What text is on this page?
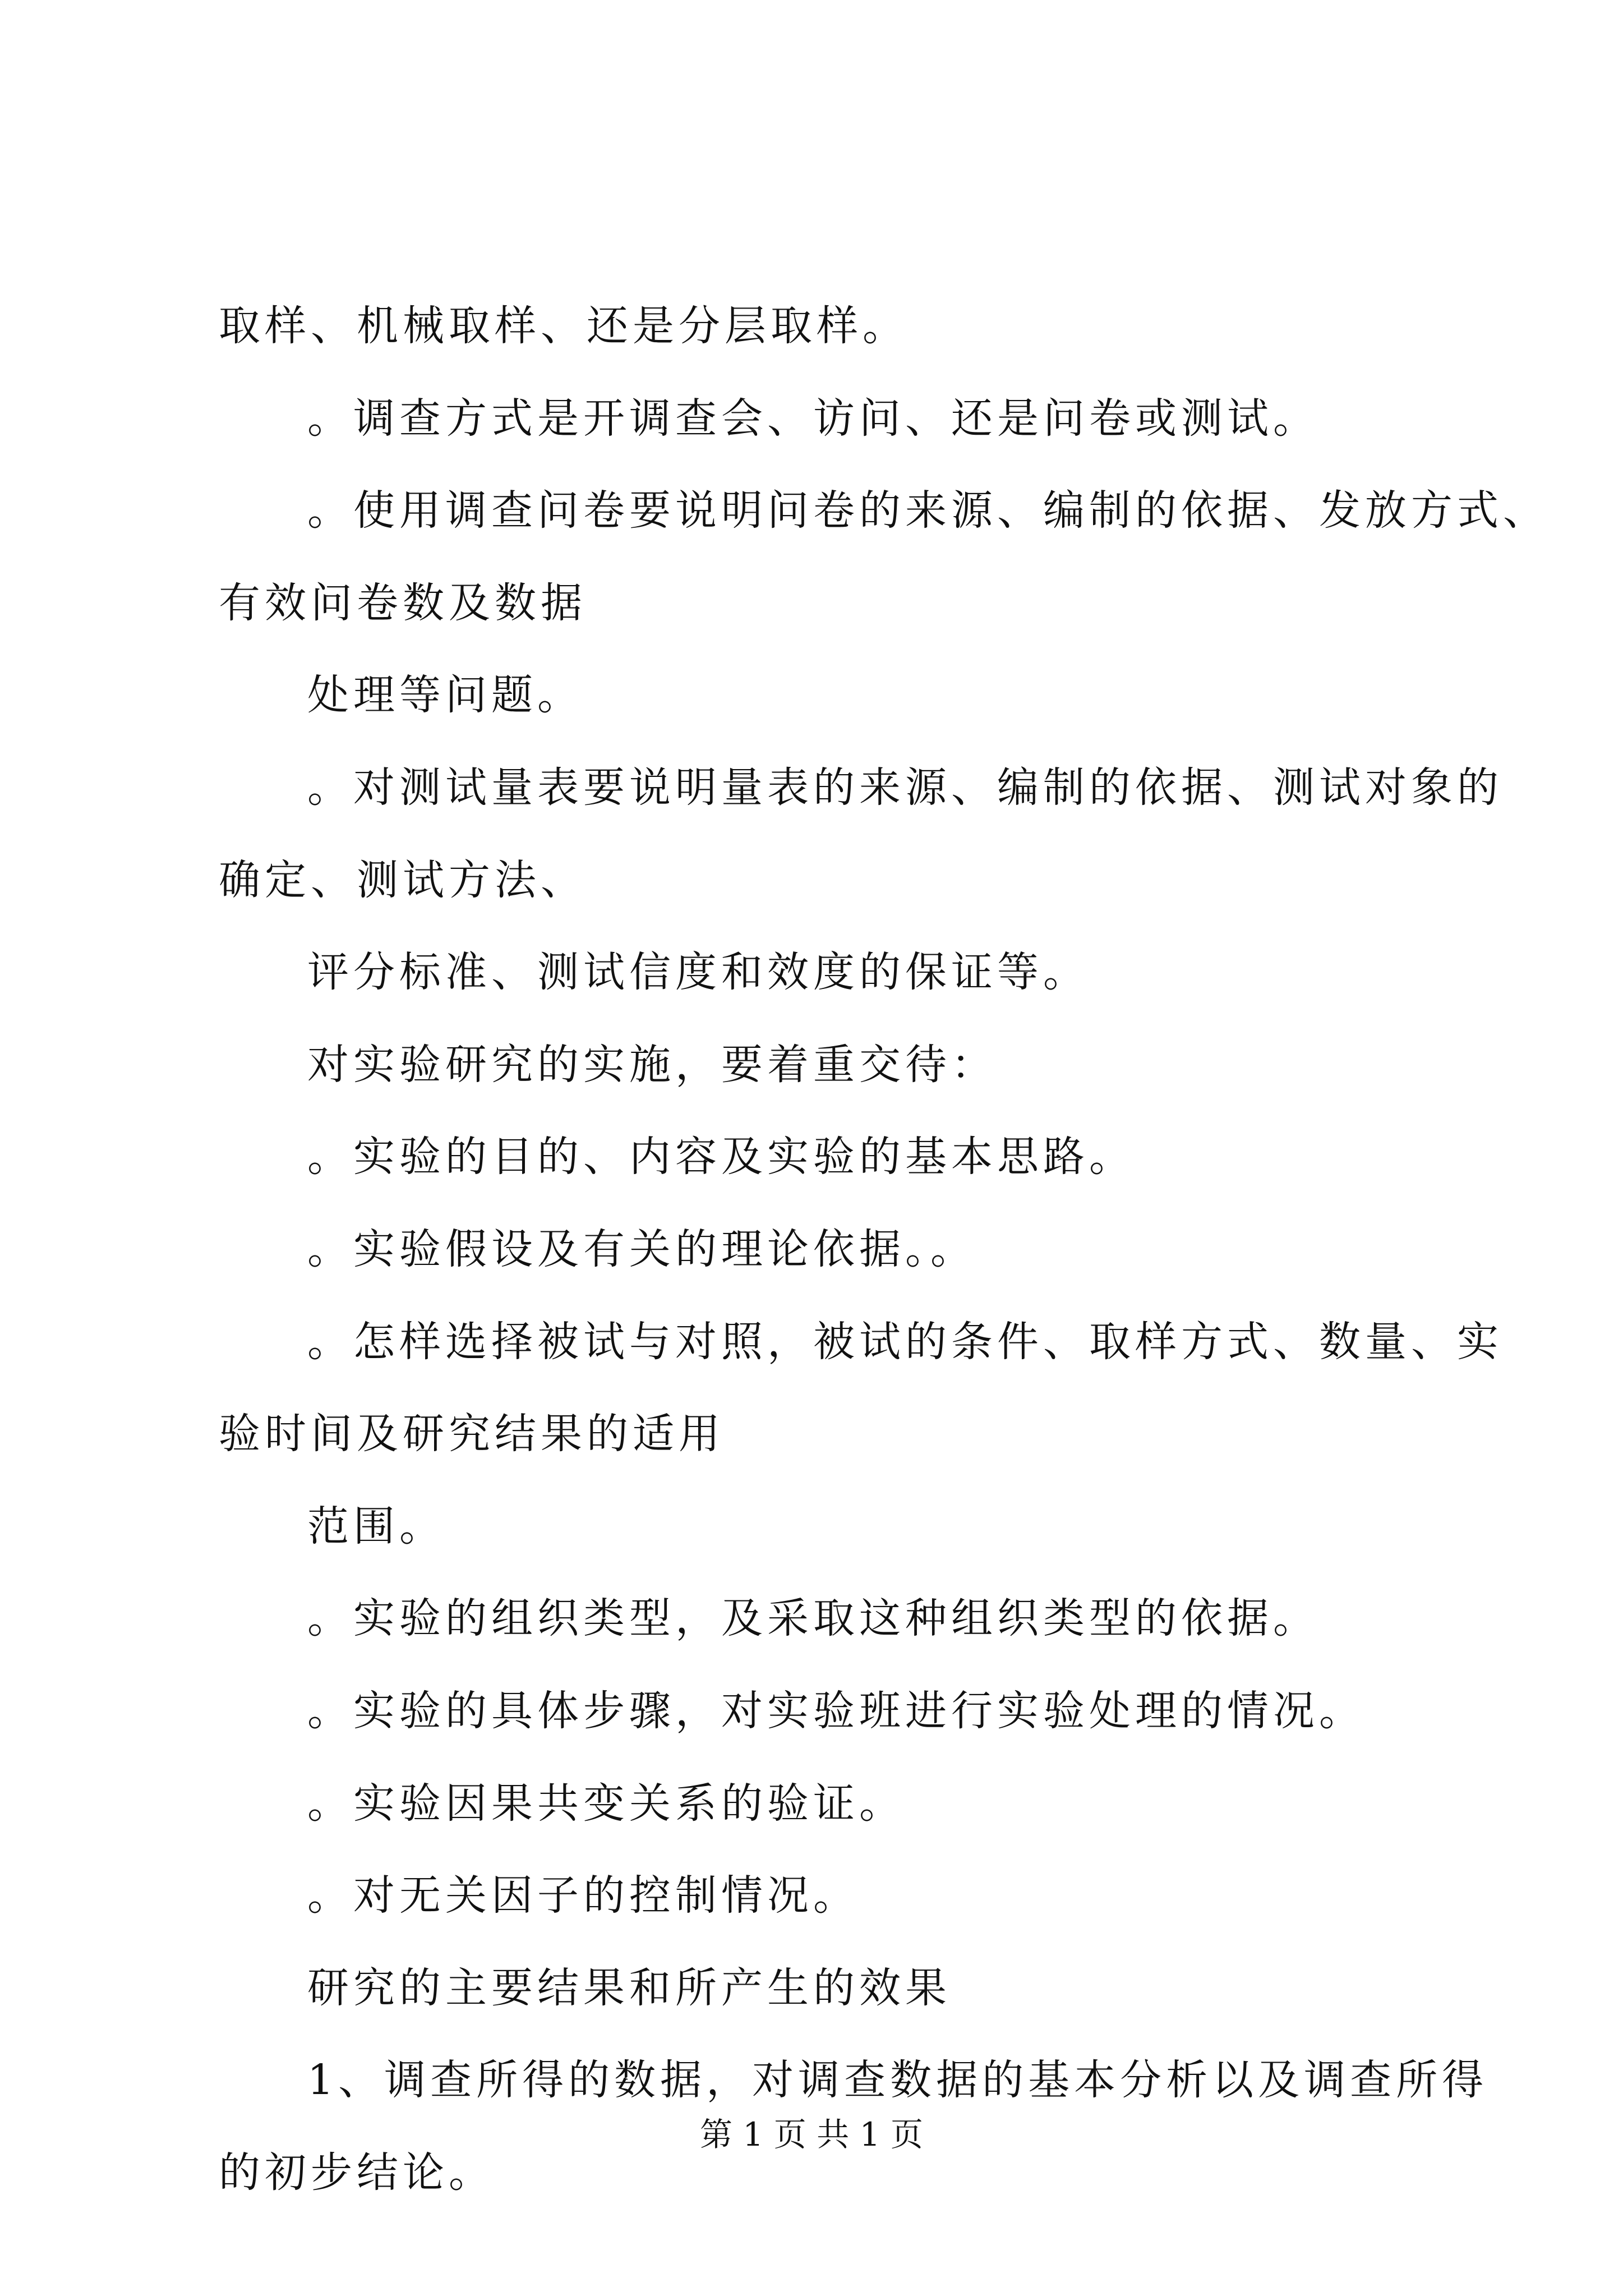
取样、机械取样、还是分层取样。

。调查方式是开调查会、访问、还是问卷或测试。

。使用调查问卷要说明问卷的来源、编制的依据、发放方式、

有效问卷数及数据

处理等问题。

。对测试量表要说明量表的来源、编制的依据、测试对象的

确定、测试方法、

评分标准、测试信度和效度的保证等。

对实验研究的实施，要着重交待：

。实验的目的、内容及实验的基本思路。

。实验假设及有关的理论依据。。

。怎样选择被试与对照，被试的条件、取样方式、数量、实

验时间及研究结果的适用

范围。

。实验的组织类型，及采取这种组织类型的依据。

。实验的具体步骤，对实验班进行实验处理的情况。

。实验因果共变关系的验证。

。对无关因子的控制情况。

研究的主要结果和所产生的效果

1、调查所得的数据，对调查数据的基本分析以及调查所得

的初步结论。

第 1 页 共 1 页
